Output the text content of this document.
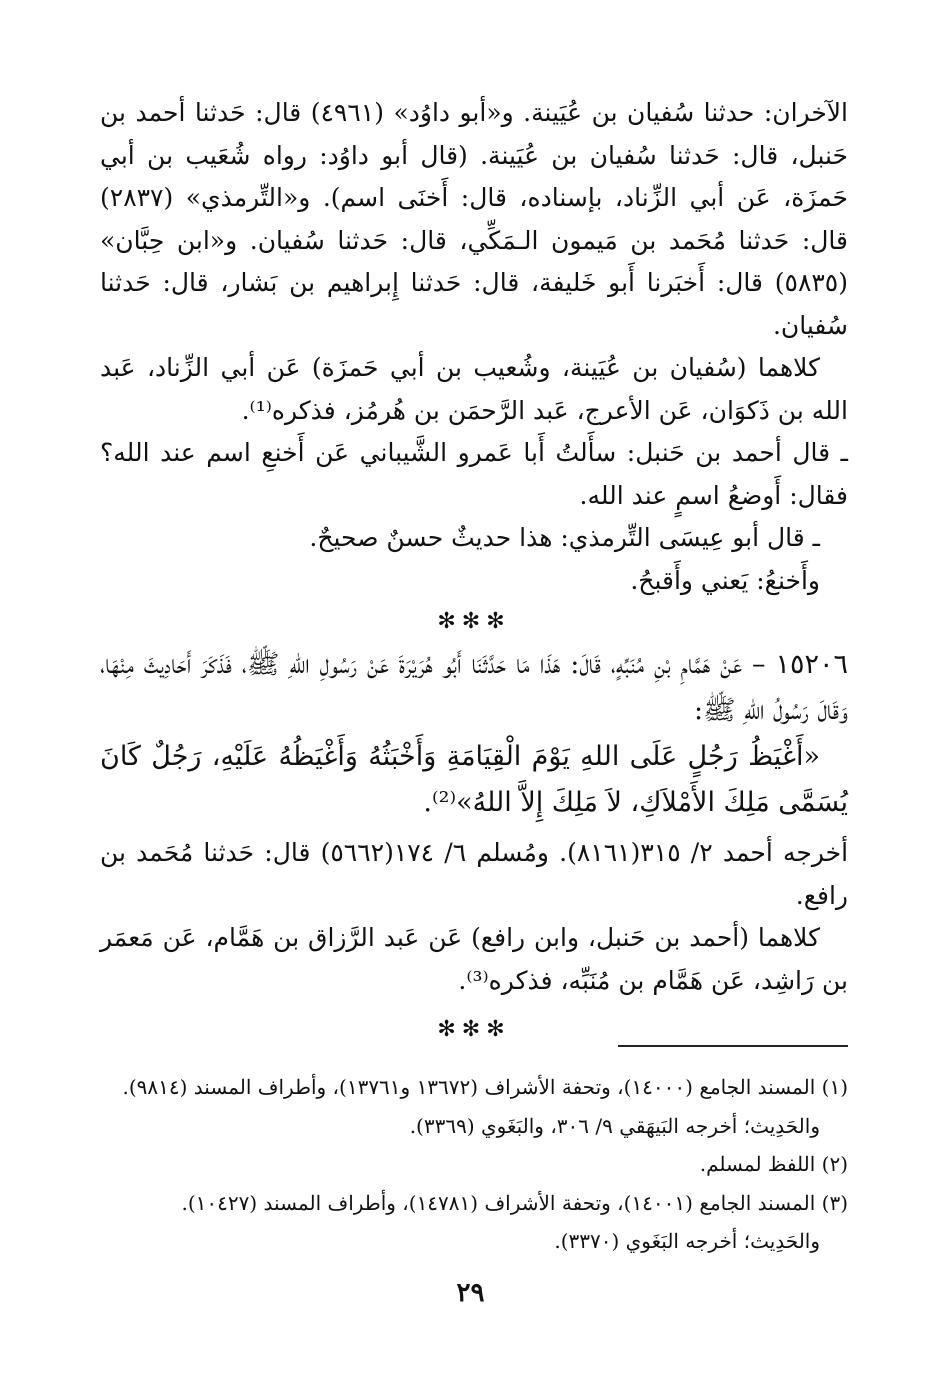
الآخران: حدثنا سُفيان بن عُيَينة. و«أبو داوُد» (٤٩٦١) قال: حَدثنا أحمد بن حَنبل، قال: حَدثنا سُفيان بن عُيَينة. (قال أبو داوُد: رواه شُعَيب بن أبي حَمزَة، عَن أبي الزِّناد، بإسناده، قال: أَخنَى اسم). و«التِّرمذي» (٢٨٣٧) قال: حَدثنا مُحَمد بن مَيمون الـمَكِّي، قال: حَدثنا سُفيان. و«ابن حِبَّان» (٥٨٣٥) قال: أَخبَرنا أَبو خَليفة، قال: حَدثنا إِبراهيم بن بَشار، قال: حَدثنا سُفيان.

كلاهما (سُفيان بن عُيَينة، وشُعيب بن أبي حَمزَة) عَن أبي الزِّناد، عَبد الله بن ذَكوَان، عَن الأعرج، عَبد الرَّحمَن بن هُرمُز، فذكره⁽¹⁾.

ـ قال أحمد بن حَنبل: سأَلتُ أَبا عَمرو الشَّيباني عَن أَخنعِ اسم عند الله؟ فقال: أَوضعُ اسمٍ عند الله.

ـ قال أبو عِيسَى التِّرمذي: هذا حديثٌ حسنٌ صحيحٌ.

وأَخنعُ: يَعني وأَقبحُ.

✻✻✻

١٥٢٠٦ – عَنْ هَمَّامِ بْنِ مُنَبِّهٍ، قَالَ: هَذَا مَا حَدَّثَنَا أَبُو هُرَيْرَةَ عَنْ رَسُولِ اللهِ ﷺ، فَذَكَرَ أَحَادِيثَ مِنْهَا، وَقَالَ رَسُولُ اللهِ ﷺ:

«أَغْيَظُ رَجُلٍ عَلَى اللهِ يَوْمَ الْقِيَامَةِ وَأَخْبَثُهُ وَأَغْيَظُهُ عَلَيْهِ، رَجُلٌ كَانَ يُسَمَّى مَلِكَ الأَمْلاَكِ، لاَ مَلِكَ إِلاَّ اللهُ»⁽²⁾.

أخرجه أحمد ٢/ ٣١٥(٨١٦١). ومُسلم ٦/ ١٧٤(٥٦٦٢) قال: حَدثنا مُحَمد بن رافع.

كلاهما (أحمد بن حَنبل، وابن رافع) عَن عَبد الرَّزاق بن هَمَّام، عَن مَعمَر بن رَاشِد، عَن هَمَّام بن مُنَبِّه، فذكره⁽³⁾.

✻✻✻

(١) المسند الجامع (١٤٠٠٠)، وتحفة الأشراف (١٣٦٧٢ و١٣٧٦١)، وأطراف المسند (٩٨١٤).

والحَدِيث؛ أخرجه البَيهَقي ٩/ ٣٠٦، والبَغَوي (٣٣٦٩).

(٢) اللفظ لمسلم.

(٣) المسند الجامع (١٤٠٠١)، وتحفة الأشراف (١٤٧٨١)، وأطراف المسند (١٠٤٢٧).

والحَدِيث؛ أخرجه البَغَوي (٣٣٧٠).

٢٩
